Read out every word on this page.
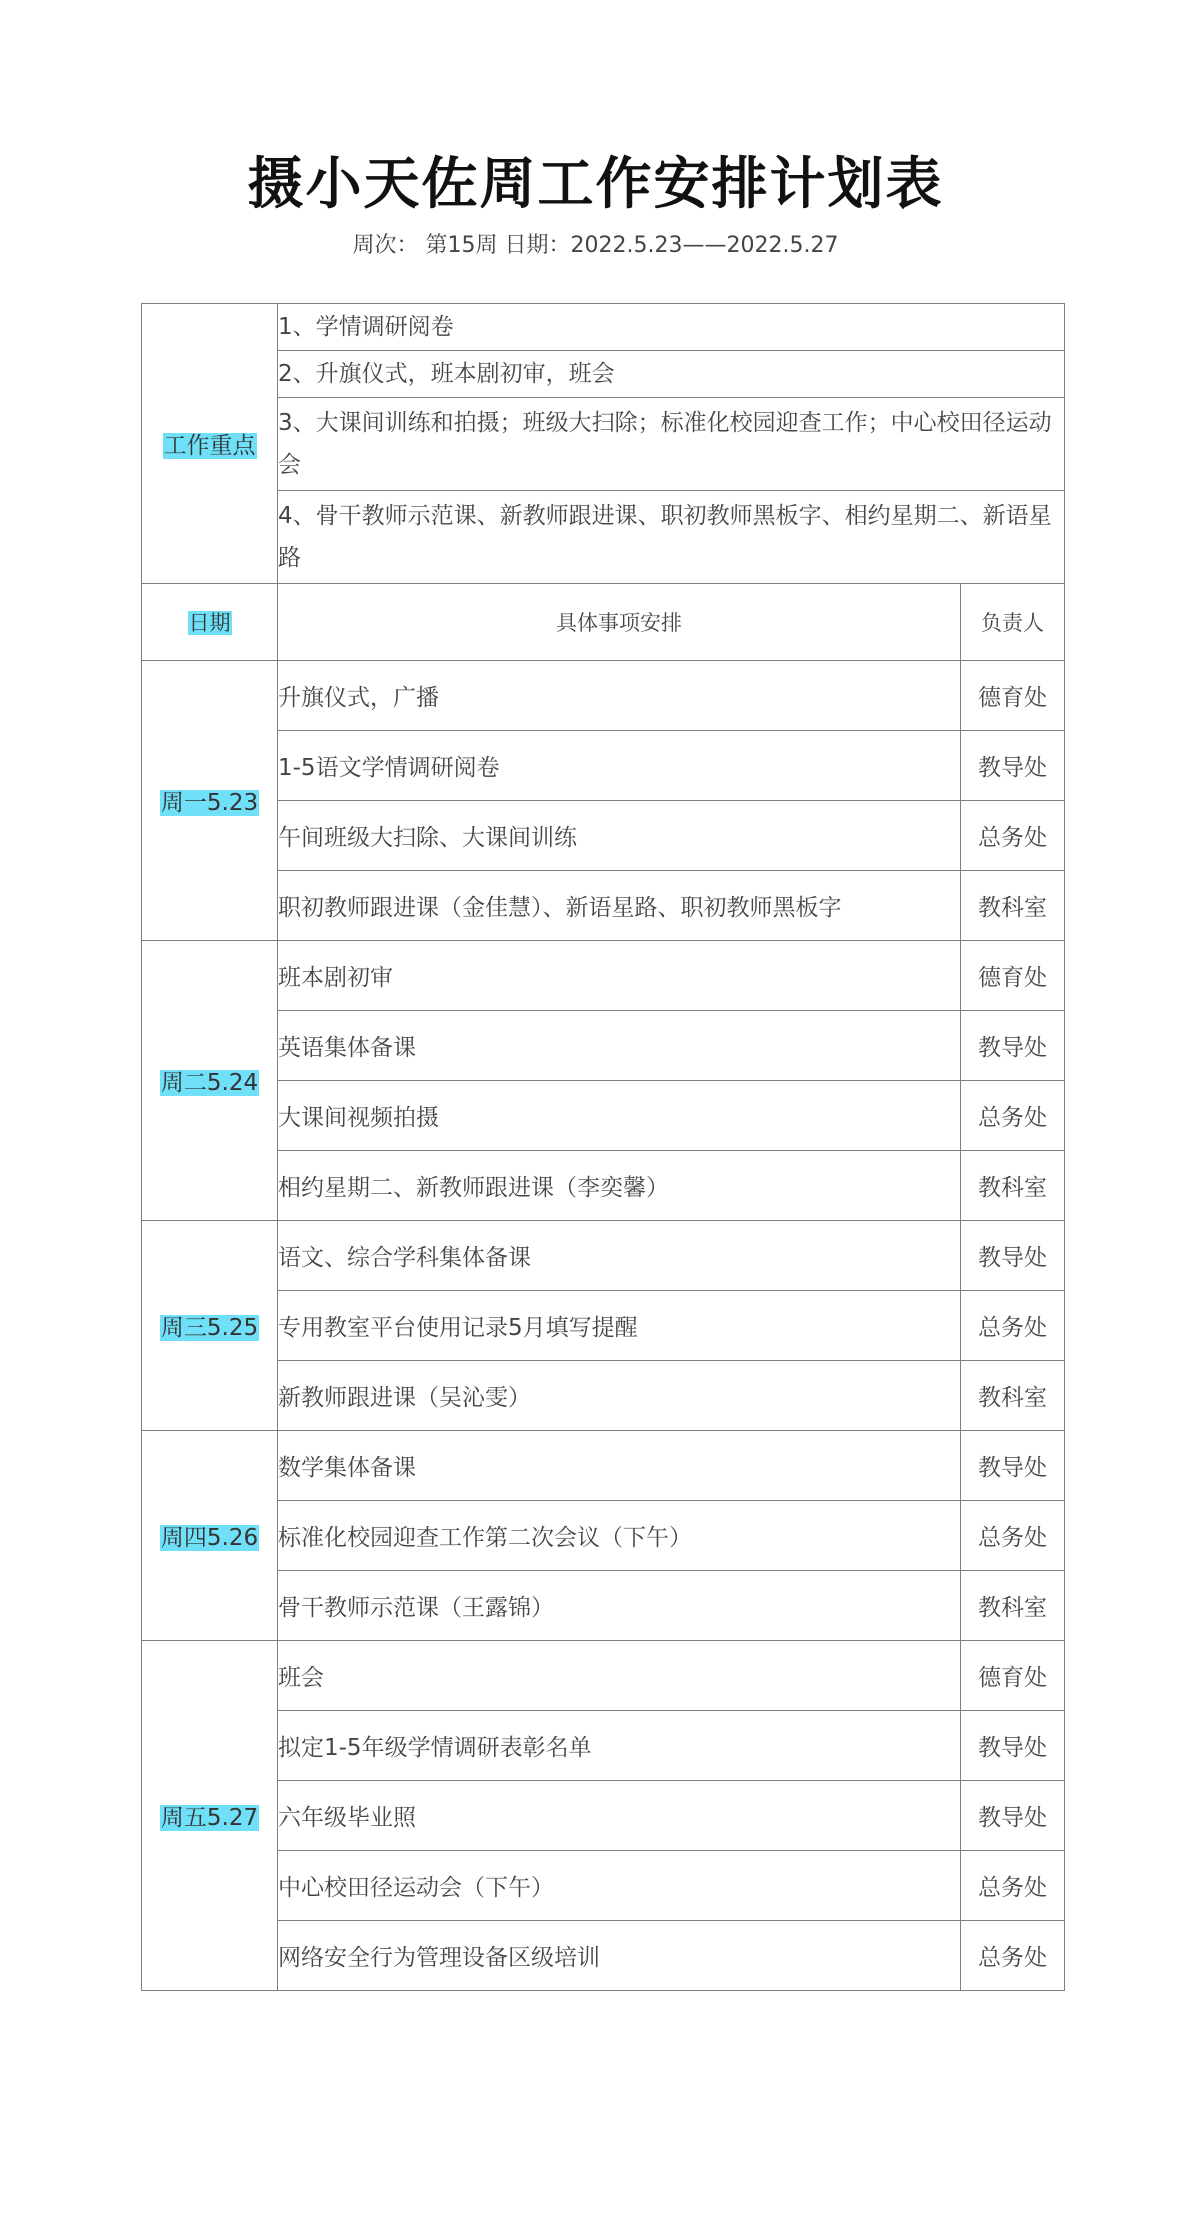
摄小天佐周工作安排计划表
周次： 第15周 日期：2022.5.23——2022.5.27
工作重点	1、学情调研阅卷	
	2、升旗仪式，班本剧初审，班会	
	3、大课间训练和拍摄；班级大扫除；标准化校园迎查工作；中心校田径运动会	
	4、骨干教师示范课、新教师跟进课、职初教师黑板字、相约星期二、新语星路	
日期	具体事项安排	负责人
周一5.23	升旗仪式，广播	德育处
	1-5语文学情调研阅卷	教导处
	午间班级大扫除、大课间训练	总务处
	职初教师跟进课（金佳慧）、新语星路、职初教师黑板字	教科室
周二5.24	班本剧初审	德育处
	英语集体备课	教导处
	大课间视频拍摄	总务处
	相约星期二、新教师跟进课（李奕馨）	教科室
周三5.25	语文、综合学科集体备课	教导处
	专用教室平台使用记录5月填写提醒	总务处
	新教师跟进课（吴沁雯）	教科室
周四5.26	数学集体备课	教导处
	标准化校园迎查工作第二次会议（下午）	总务处
	骨干教师示范课（王露锦）	教科室
周五5.27	班会	德育处
	拟定1-5年级学情调研表彰名单	教导处
	六年级毕业照	教导处
	中心校田径运动会（下午）	总务处
	网络安全行为管理设备区级培训	总务处
